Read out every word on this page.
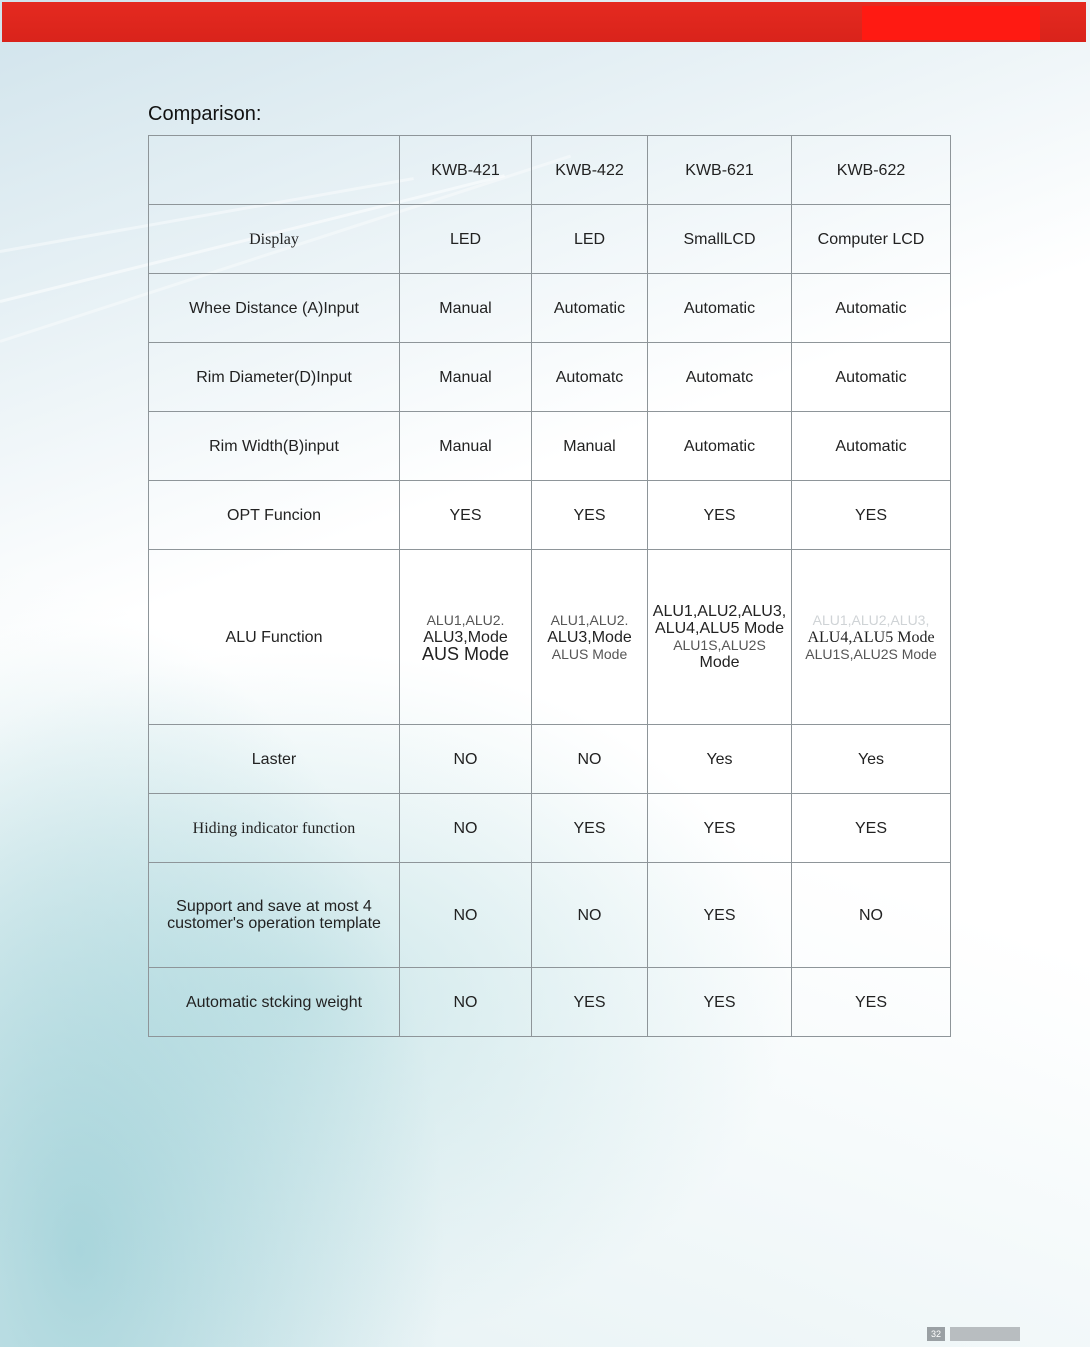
Comparison:
	KWB-421	KWB-422	KWB-621	KWB-622
Display	LED	LED	SmallLCD	Computer LCD
Whee Distance (A)Input	Manual	Automatic	Automatic	Automatic
Rim Diameter(D)Input	Manual	Automatc	Automatc	Automatic
Rim Width(B)input	Manual	Manual	Automatic	Automatic
OPT Funcion	YES	YES	YES	YES
ALU Function	ALU1,ALU2.
ALU3,Mode
AUS Mode	ALU1,ALU2.
ALU3,Mode
ALUS Mode	ALU1,ALU2,ALU3,
ALU4,ALU5 Mode
ALU1S,ALU2S
Mode	ALU1,ALU2,ALU3,
ALU4,ALU5 Mode
ALU1S,ALU2S Mode

Laster	NO	NO	Yes	Yes
Hiding indicator function	NO	YES	YES	YES

Support and save at most 4
customer's operation template	NO	NO	YES	NO
Automatic stcking weight	NO	YES	YES	YES
32
